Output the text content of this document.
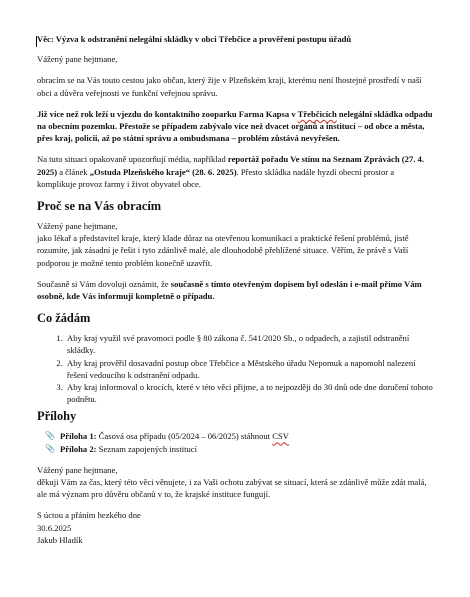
Věc: Výzva k odstranění nelegální skládky v obci Třebčice a prověření postupu úřadů

Vážený pane hejtmane,

obracím se na Vás touto cestou jako občan, který žije v Plzeňském kraji, kterému není lhostejné prostředí v naší obci a důvěra veřejnosti ve funkční veřejnou správu.

Již více než rok leží u vjezdu do kontaktního zooparku Farma Kapsa v Třebčicích nelegální skládka odpadu na obecním pozemku. Přestože se případem zabývalo více než dvacet orgánů a institucí – od obce a města, přes kraj, policii, až po státní správu a ombudsmana – problém zůstává nevyřešen.

Na tuto situaci opakovaně upozorňují média, například reportáž pořadu Ve stínu na Seznam Zprávách (27. 4. 2025) a článek „Ostuda Plzeňského kraje“ (28. 6. 2025). Přesto skládka nadále hyzdí obecní prostor a komplikuje provoz farmy i život obyvatel obce.

Proč se na Vás obracím

Vážený pane hejtmane,

jako lékař a představitel kraje, který klade důraz na otevřenou komunikaci a praktické řešení problémů, jistě rozumíte, jak zásadní je řešit i tyto zdánlivě malé, ale dlouhodobě přehlížené situace. Věřím, že právě s Vaší podporou je možné tento problém konečně uzavřít.

Současně si Vám dovoluji oznámit, že současně s tímto otevřeným dopisem byl odeslán i e-mail přímo Vám osobně, kde Vás informuji kompletně o případu.

Co žádám
1. Aby kraj využil své pravomoci podle § 80 zákona č. 541/2020 Sb., o odpadech, a zajistil odstranění skládky.
2. Aby kraj prověřil dosavadní postup obce Třebčice a Městského úřadu Nepomuk a napomohl nalezení řešení vedoucího k odstranění odpadu.
3. Aby kraj informoval o krocích, které v této věci přijme, a to nejpozději do 30 dnů ode dne doručení tohoto podnětu.
Přílohy
📎 Příloha 1: Časová osa případu (05/2024 – 06/2025) stáhnout CSV
📎 Příloha 2: Seznam zapojených institucí

Vážený pane hejtmane,

děkuji Vám za čas, který této věci věnujete, i za Vaši ochotu zabývat se situací, která se zdánlivě může zdát malá, ale má význam pro důvěru občanů v to, že krajské instituce fungují.

S úctou a přáním hezkého dne

30.6.2025

Jakub Hladík
